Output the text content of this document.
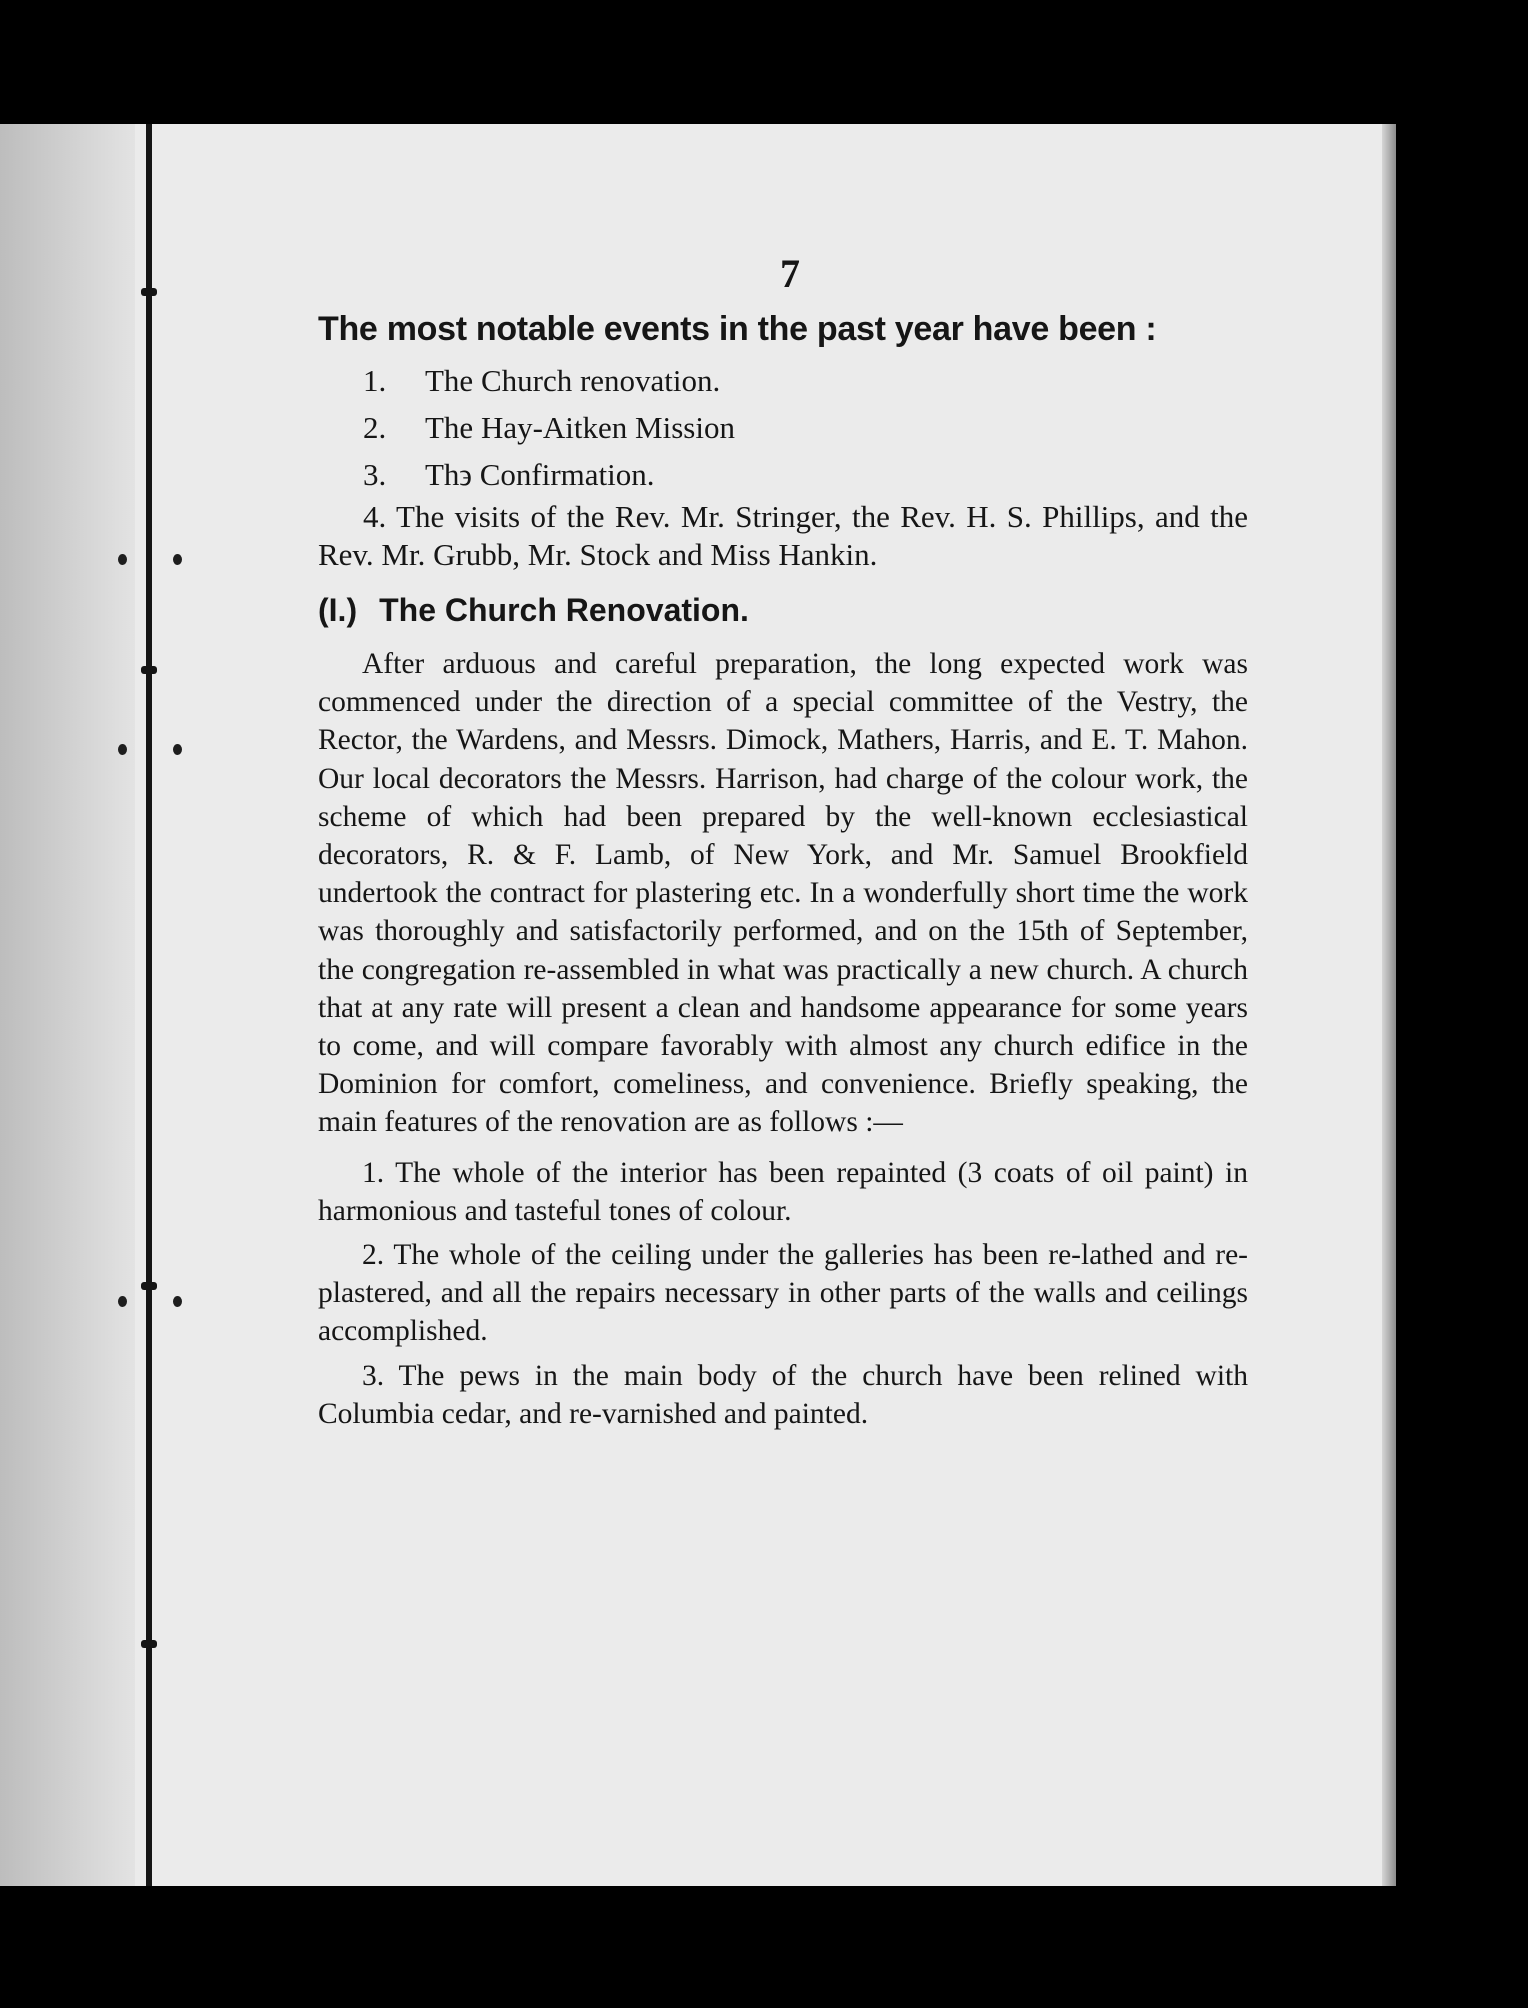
7
The most notable events in the past year have been :
1. The Church renovation.
2. The Hay-Aitken Mission
3. Th϶ Confirmation.
4. The visits of the Rev. Mr. Stringer, the Rev. H. S. Phillips, and the Rev. Mr. Grubb, Mr. Stock and Miss Hankin.
(I.) The Church Renovation.
After arduous and careful preparation, the long expected work was commenced under the direction of a special committee of the Vestry, the Rector, the Wardens, and Messrs. Dimock, Mathers, Harris, and E. T. Mahon. Our local decorators the Messrs. Harrison, had charge of the colour work, the scheme of which had been prepared by the well-known ecclesiastical decorators, R. & F. Lamb, of New York, and Mr. Samuel Brookfield undertook the contract for plastering etc. In a wonderfully short time the work was thoroughly and satisfactorily performed, and on the 15th of September, the congregation re-assembled in what was practically a new church. A church that at any rate will present a clean and handsome appearance for some years to come, and will compare favorably with almost any church edifice in the Dominion for comfort, comeliness, and convenience. Briefly speaking, the main features of the renovation are as follows :—
1. The whole of the interior has been repainted (3 coats of oil paint) in harmonious and tasteful tones of colour.
2. The whole of the ceiling under the galleries has been re-lathed and re-plastered, and all the repairs necessary in other parts of the walls and ceilings accomplished.
3. The pews in the main body of the church have been relined with Columbia cedar, and re-varnished and painted.
